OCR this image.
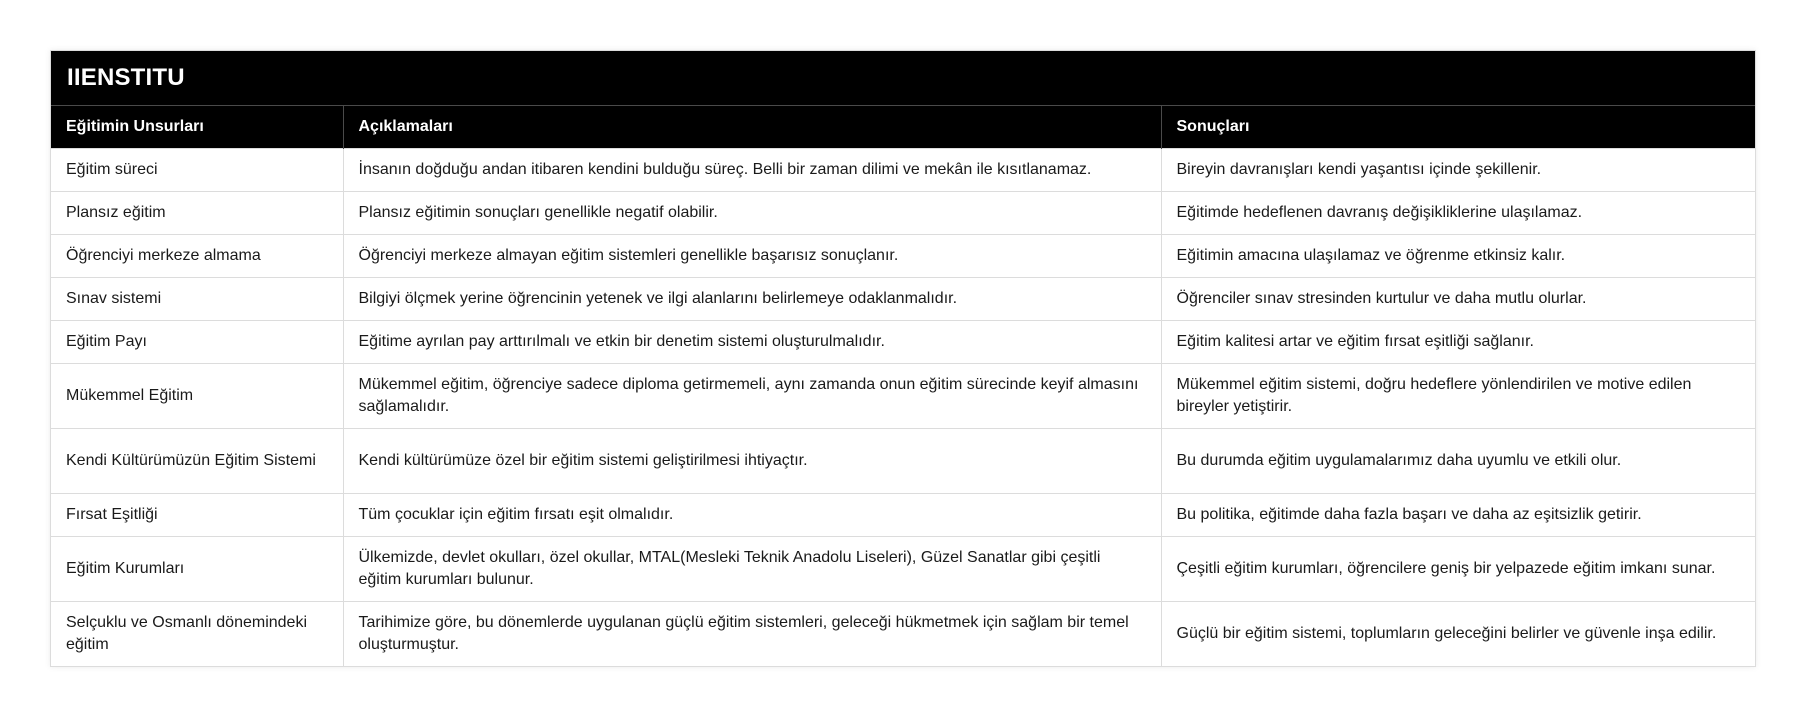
IIENSTITU
Eğitimin Unsurları	Açıklamaları	Sonuçları
Eğitim süreci	İnsanın doğduğu andan itibaren kendini bulduğu süreç. Belli bir zaman dilimi ve mekân ile kısıtlanamaz.	Bireyin davranışları kendi yaşantısı içinde şekillenir.
Plansız eğitim	Plansız eğitimin sonuçları genellikle negatif olabilir.	Eğitimde hedeflenen davranış değişikliklerine ulaşılamaz.
Öğrenciyi merkeze almama	Öğrenciyi merkeze almayan eğitim sistemleri genellikle başarısız sonuçlanır.	Eğitimin amacına ulaşılamaz ve öğrenme etkinsiz kalır.
Sınav sistemi	Bilgiyi ölçmek yerine öğrencinin yetenek ve ilgi alanlarını belirlemeye odaklanmalıdır.	Öğrenciler sınav stresinden kurtulur ve daha mutlu olurlar.
Eğitim Payı	Eğitime ayrılan pay arttırılmalı ve etkin bir denetim sistemi oluşturulmalıdır.	Eğitim kalitesi artar ve eğitim fırsat eşitliği sağlanır.
Mükemmel Eğitim	Mükemmel eğitim, öğrenciye sadece diploma getirmemeli, aynı zamanda onun eğitim sürecinde keyif almasını sağlamalıdır.	Mükemmel eğitim sistemi, doğru hedeflere yönlendirilen ve motive edilen bireyler yetiştirir.
Kendi Kültürümüzün Eğitim Sistemi	Kendi kültürümüze özel bir eğitim sistemi geliştirilmesi ihtiyaçtır.	Bu durumda eğitim uygulamalarımız daha uyumlu ve etkili olur.
Fırsat Eşitliği	Tüm çocuklar için eğitim fırsatı eşit olmalıdır.	Bu politika, eğitimde daha fazla başarı ve daha az eşitsizlik getirir.
Eğitim Kurumları	Ülkemizde, devlet okulları, özel okullar, MTAL(Mesleki Teknik Anadolu Liseleri), Güzel Sanatlar gibi çeşitli eğitim kurumları bulunur.	Çeşitli eğitim kurumları, öğrencilere geniş bir yelpazede eğitim imkanı sunar.
Selçuklu ve Osmanlı dönemindeki eğitim	Tarihimize göre, bu dönemlerde uygulanan güçlü eğitim sistemleri, geleceği hükmetmek için sağlam bir temel oluşturmuştur.	Güçlü bir eğitim sistemi, toplumların geleceğini belirler ve güvenle inşa edilir.
